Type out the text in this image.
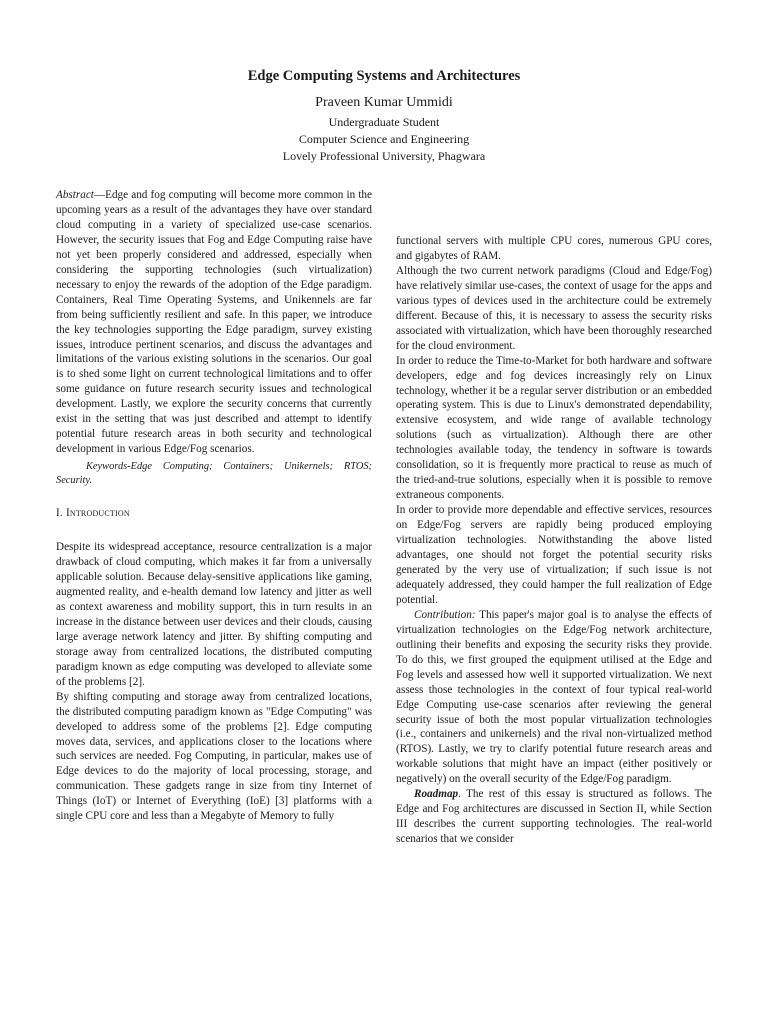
Edge Computing Systems and Architectures
Praveen Kumar Ummidi
Undergraduate Student
Computer Science and Engineering
Lovely Professional University, Phagwara

Abstract—Edge and fog computing will become more common in the upcoming years as a result of the advantages they have over standard cloud computing in a variety of specialized use-case scenarios. However, the security issues that Fog and Edge Computing raise have not yet been properly considered and addressed, especially when considering the supporting technologies (such virtualization) necessary to enjoy the rewards of the adoption of the Edge paradigm. Containers, Real Time Operating Systems, and Unikennels are far from being sufficiently resilient and safe. In this paper, we introduce the key technologies supporting the Edge paradigm, survey existing issues, introduce pertinent scenarios, and discuss the advantages and limitations of the various existing solutions in the scenarios. Our goal is to shed some light on current technological limitations and to offer some guidance on future research security issues and technological development. Lastly, we explore the security concerns that currently exist in the setting that was just described and attempt to identify potential future research areas in both security and technological development in various Edge/Fog scenarios.

Keywords-Edge Computing; Containers; Unikernels; RTOS; Security.

I. Introduction

Despite its widespread acceptance, resource centralization is a major drawback of cloud computing, which makes it far from a universally applicable solution. Because delay-sensitive applications like gaming, augmented reality, and e-health demand low latency and jitter as well as context awareness and mobility support, this in turn results in an increase in the distance between user devices and their clouds, causing large average network latency and jitter. By shifting computing and storage away from centralized locations, the distributed computing paradigm known as edge computing was developed to alleviate some of the problems [2].

By shifting computing and storage away from centralized locations, the distributed computing paradigm known as "Edge Computing" was developed to address some of the problems [2]. Edge computing moves data, services, and applications closer to the locations where such services are needed. Fog Computing, in particular, makes use of Edge devices to do the majority of local processing, storage, and communication. These gadgets range in size from tiny Internet of Things (IoT) or Internet of Everything (IoE) [3] platforms with a single CPU core and less than a Megabyte of Memory to fully

functional servers with multiple CPU cores, numerous GPU cores, and gigabytes of RAM.

Although the two current network paradigms (Cloud and Edge/Fog) have relatively similar use-cases, the context of usage for the apps and various types of devices used in the architecture could be extremely different. Because of this, it is necessary to assess the security risks associated with virtualization, which have been thoroughly researched for the cloud environment.

In order to reduce the Time-to-Market for both hardware and software developers, edge and fog devices increasingly rely on Linux technology, whether it be a regular server distribution or an embedded operating system. This is due to Linux's demonstrated dependability, extensive ecosystem, and wide range of available technology solutions (such as virtualization). Although there are other technologies available today, the tendency in software is towards consolidation, so it is frequently more practical to reuse as much of the tried-and-true solutions, especially when it is possible to remove extraneous components.

In order to provide more dependable and effective services, resources on Edge/Fog servers are rapidly being produced employing virtualization technologies. Notwithstanding the above listed advantages, one should not forget the potential security risks generated by the very use of virtualization; if such issue is not adequately addressed, they could hamper the full realization of Edge potential.

Contribution: This paper's major goal is to analyse the effects of virtualization technologies on the Edge/Fog network architecture, outlining their benefits and exposing the security risks they provide. To do this, we first grouped the equipment utilised at the Edge and Fog levels and assessed how well it supported virtualization. We next assess those technologies in the context of four typical real-world Edge Computing use-case scenarios after reviewing the general security issue of both the most popular virtualization technologies (i.e., containers and unikernels) and the rival non-virtualized method (RTOS). Lastly, we try to clarify potential future research areas and workable solutions that might have an impact (either positively or negatively) on the overall security of the Edge/Fog paradigm.

Roadmap. The rest of this essay is structured as follows. The Edge and Fog architectures are discussed in Section II, while Section III describes the current supporting technologies. The real-world scenarios that we consider
